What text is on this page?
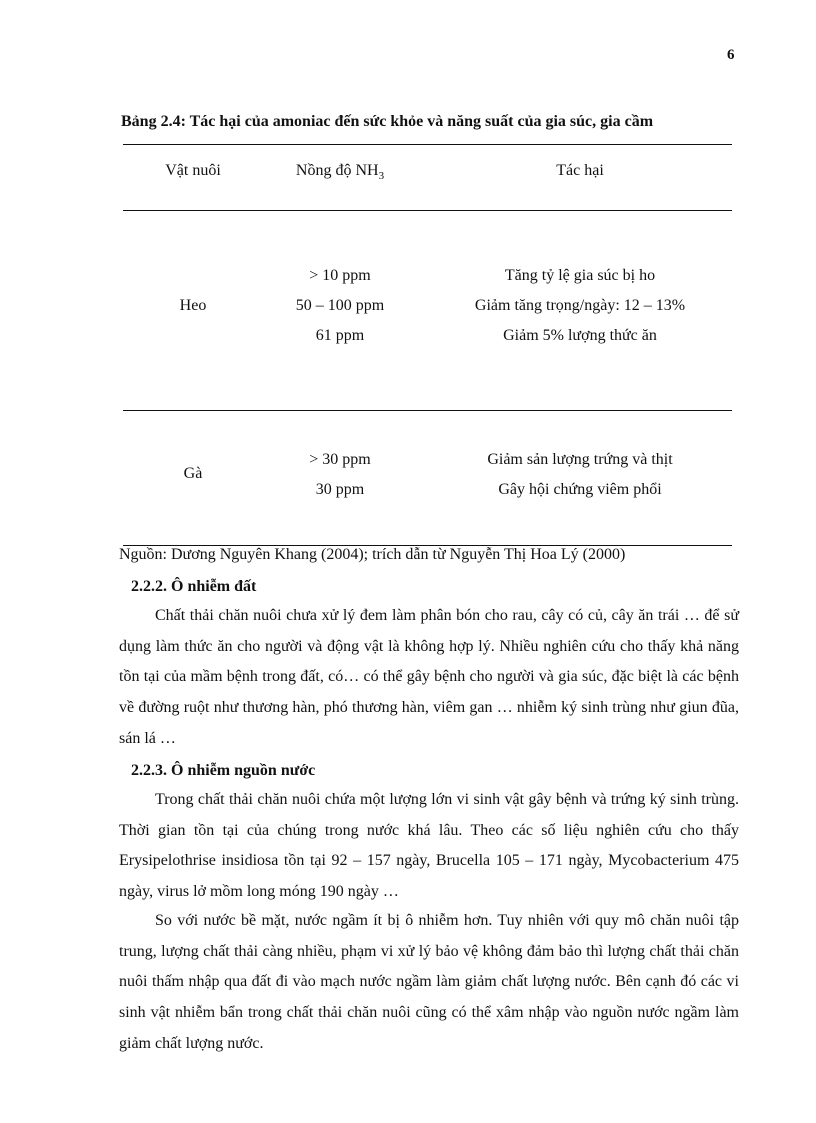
6
Bảng 2.4: Tác hại của amoniac đến sức khỏe và năng suất của gia súc, gia cầm
Vật nuôi	Nồng độ $NH_3$	Tác hại
Heo
> 10 ppm
50 – 100 ppm
61 ppm
Tăng tỷ lệ gia súc bị ho
Giảm tăng trọng/ngày: 12 – 13%
Giảm 5% lượng thức ăn
Gà
> 30 ppm
30 ppm
Giảm sản lượng trứng và thịt
Gây hội chứng viêm phổi
Nguồn: Dương Nguyên Khang (2004); trích dẫn từ Nguyễn Thị Hoa Lý (2000)
2.2.2. Ô nhiễm đất
Chất thải chăn nuôi chưa xử lý đem làm phân bón cho rau, cây có củ, cây ăn trái … để sử dụng làm thức ăn cho người và động vật là không hợp lý. Nhiều nghiên cứu cho thấy khả năng tồn tại của mầm bệnh trong đất, có… có thể gây bệnh cho người và gia súc, đặc biệt là các bệnh về đường ruột như thương hàn, phó thương hàn, viêm gan … nhiễm ký sinh trùng như giun đũa, sán lá …
2.2.3. Ô nhiễm nguồn nước
Trong chất thải chăn nuôi chứa một lượng lớn vi sinh vật gây bệnh và trứng ký sinh trùng. Thời gian tồn tại của chúng trong nước khá lâu. Theo các số liệu nghiên cứu cho thấy Erysipelothrise insidiosa tồn tại 92 – 157 ngày, Brucella 105 – 171 ngày, Mycobacterium 475 ngày, virus lở mồm long móng 190 ngày …
So với nước bề mặt, nước ngầm ít bị ô nhiễm hơn. Tuy nhiên với quy mô chăn nuôi tập trung, lượng chất thải càng nhiều, phạm vi xử lý bảo vệ không đảm bảo thì lượng chất thải chăn nuôi thấm nhập qua đất đi vào mạch nước ngầm làm giảm chất lượng nước. Bên cạnh đó các vi sinh vật nhiễm bẩn trong chất thải chăn nuôi cũng có thể xâm nhập vào nguồn nước ngầm làm giảm chất lượng nước.
